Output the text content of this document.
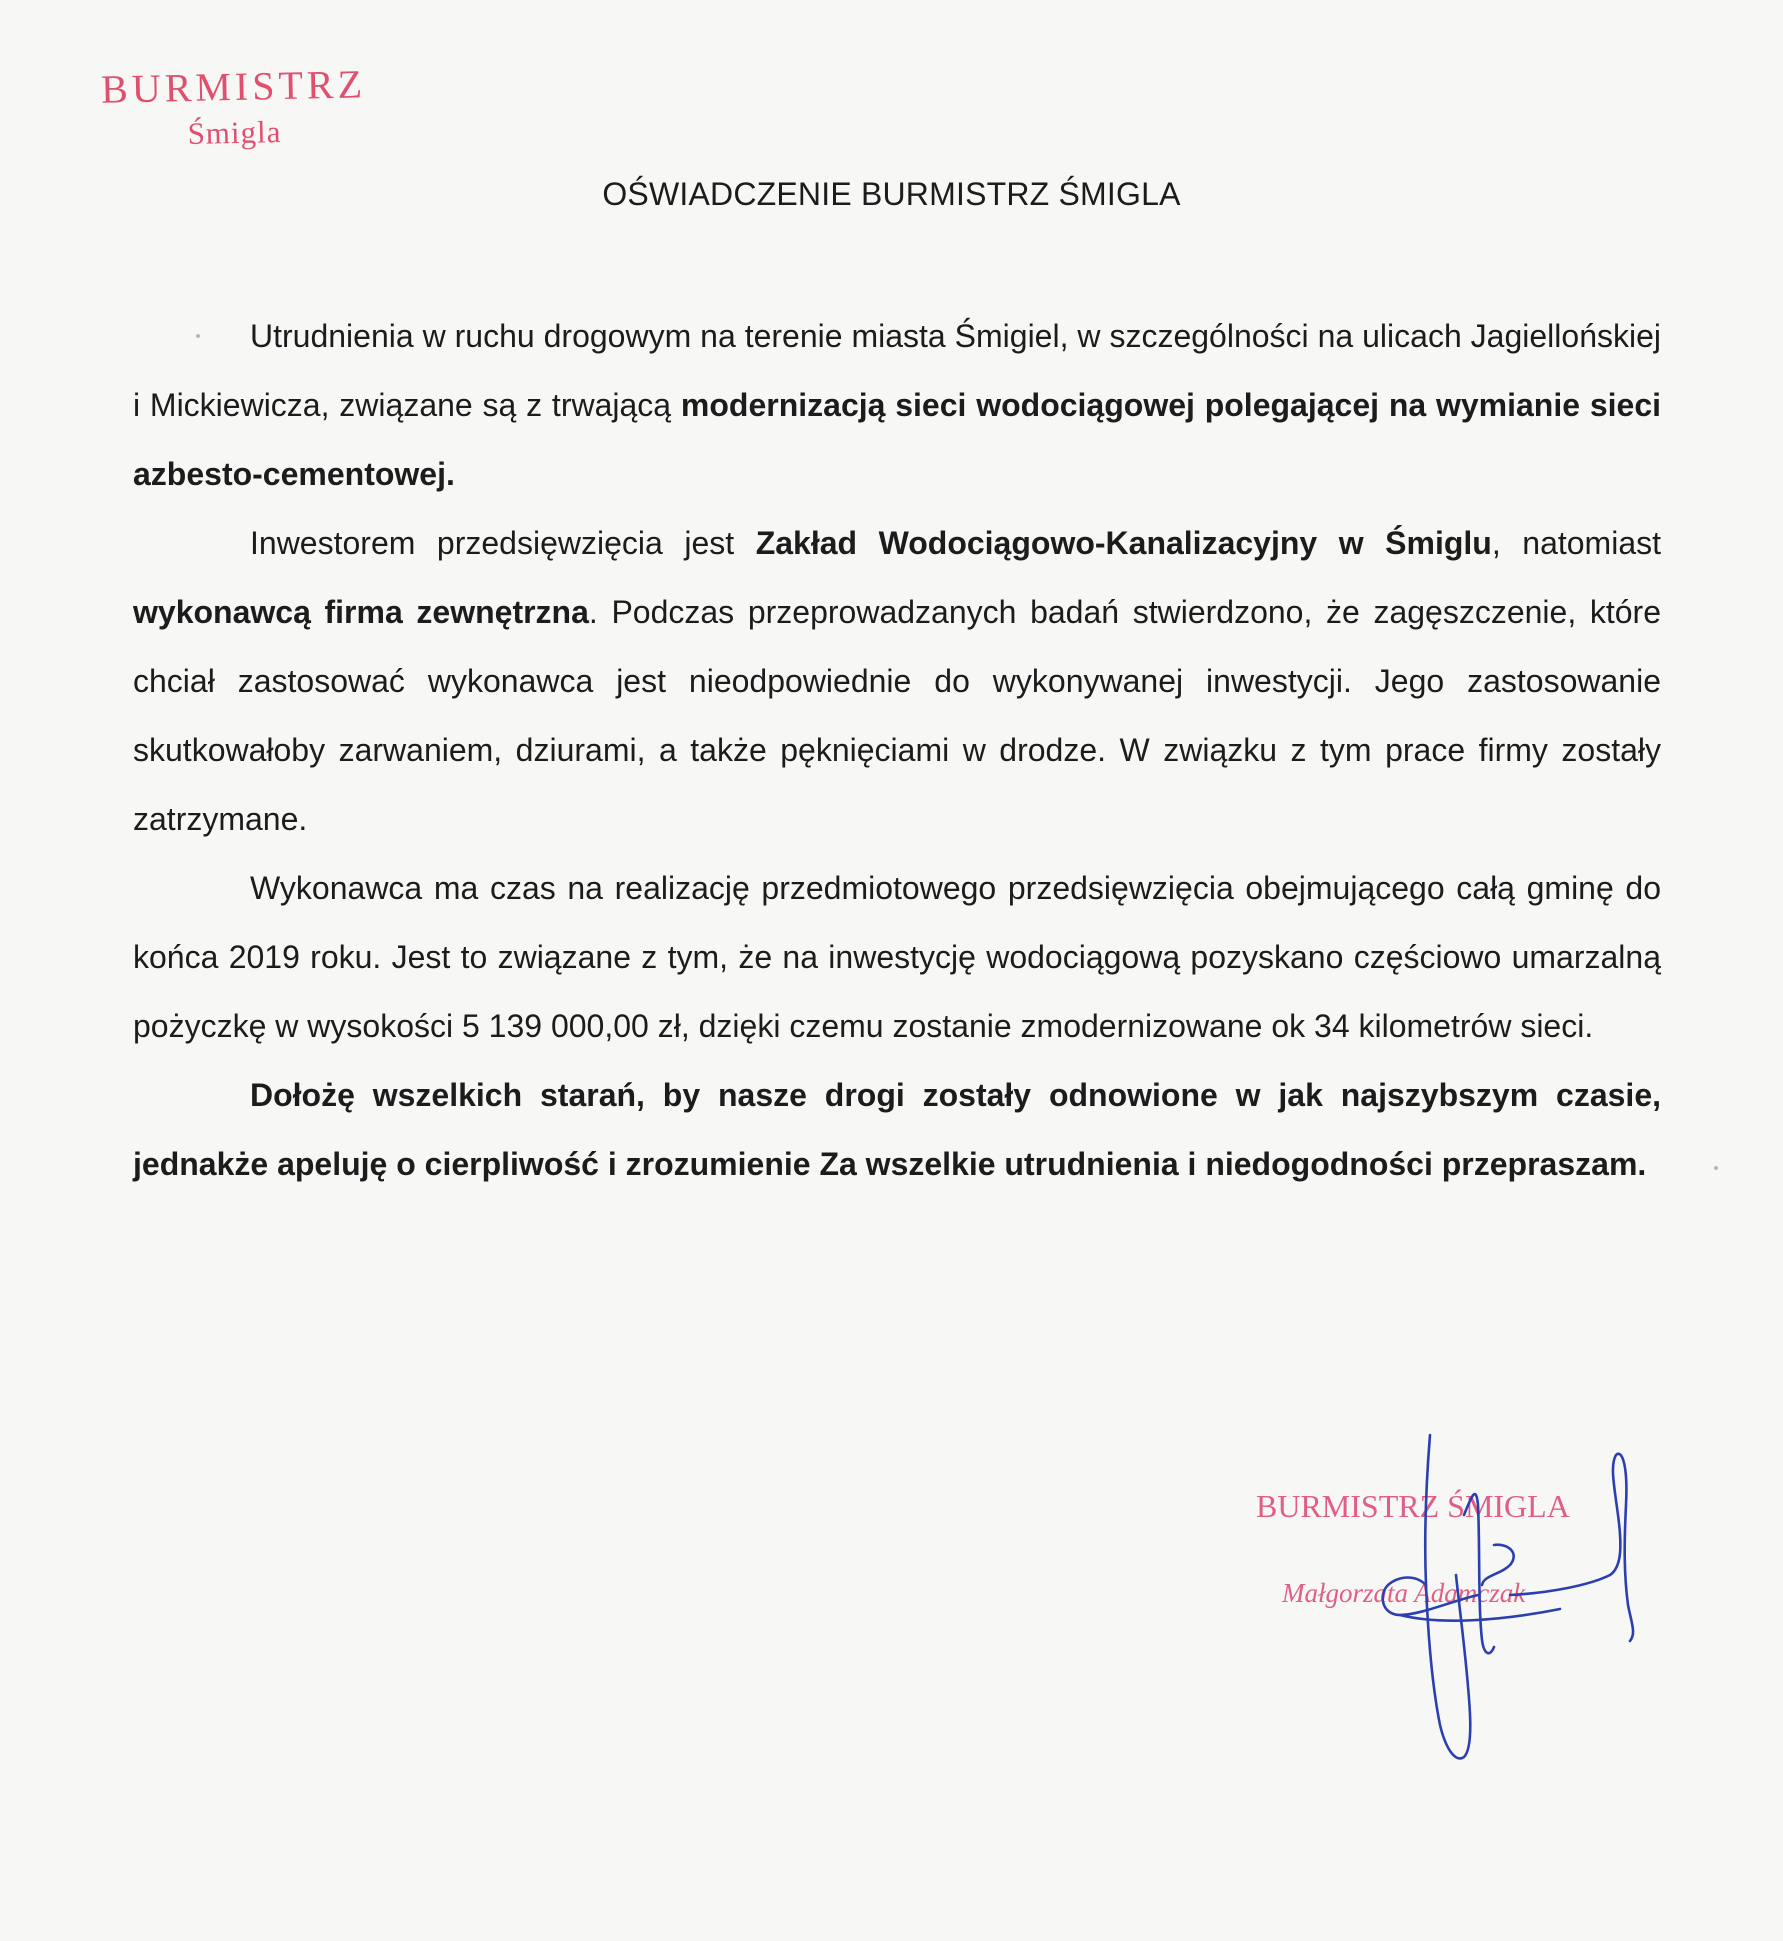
BURMISTRZ
Śmigla
OŚWIADCZENIE BURMISTRZ ŚMIGLA

Utrudnienia w ruchu drogowym na terenie miasta Śmigiel, w szczególności na ulicach Jagiellońskiej i Mickiewicza, związane są z trwającą modernizacją sieci wodociągowej polegającej na wymianie sieci azbesto-cementowej.

Inwestorem przedsięwzięcia jest Zakład Wodociągowo-Kanalizacyjny w Śmiglu, natomiast wykonawcą firma zewnętrzna. Podczas przeprowadzanych badań stwierdzono, że zagęszczenie, które chciał zastosować wykonawca jest nieodpowiednie do wykonywanej inwestycji. Jego zastosowanie skutkowałoby zarwaniem, dziurami, a także pęknięciami w drodze. W związku z tym prace firmy zostały zatrzymane.

Wykonawca ma czas na realizację przedmiotowego przedsięwzięcia obejmującego całą gminę do końca 2019 roku. Jest to związane z tym, że na inwestycję wodociągową pozyskano częściowo umarzalną pożyczkę w wysokości 5 139 000,00 zł, dzięki czemu zostanie zmodernizowane ok 34 kilometrów sieci.

Dołożę wszelkich starań, by nasze drogi zostały odnowione w jak najszybszym czasie, jednakże apeluję o cierpliwość i zrozumienie Za wszelkie utrudnienia i niedogodności przepraszam.

BURMISTRZ ŚMIGLA
Małgorzata Adamczak
